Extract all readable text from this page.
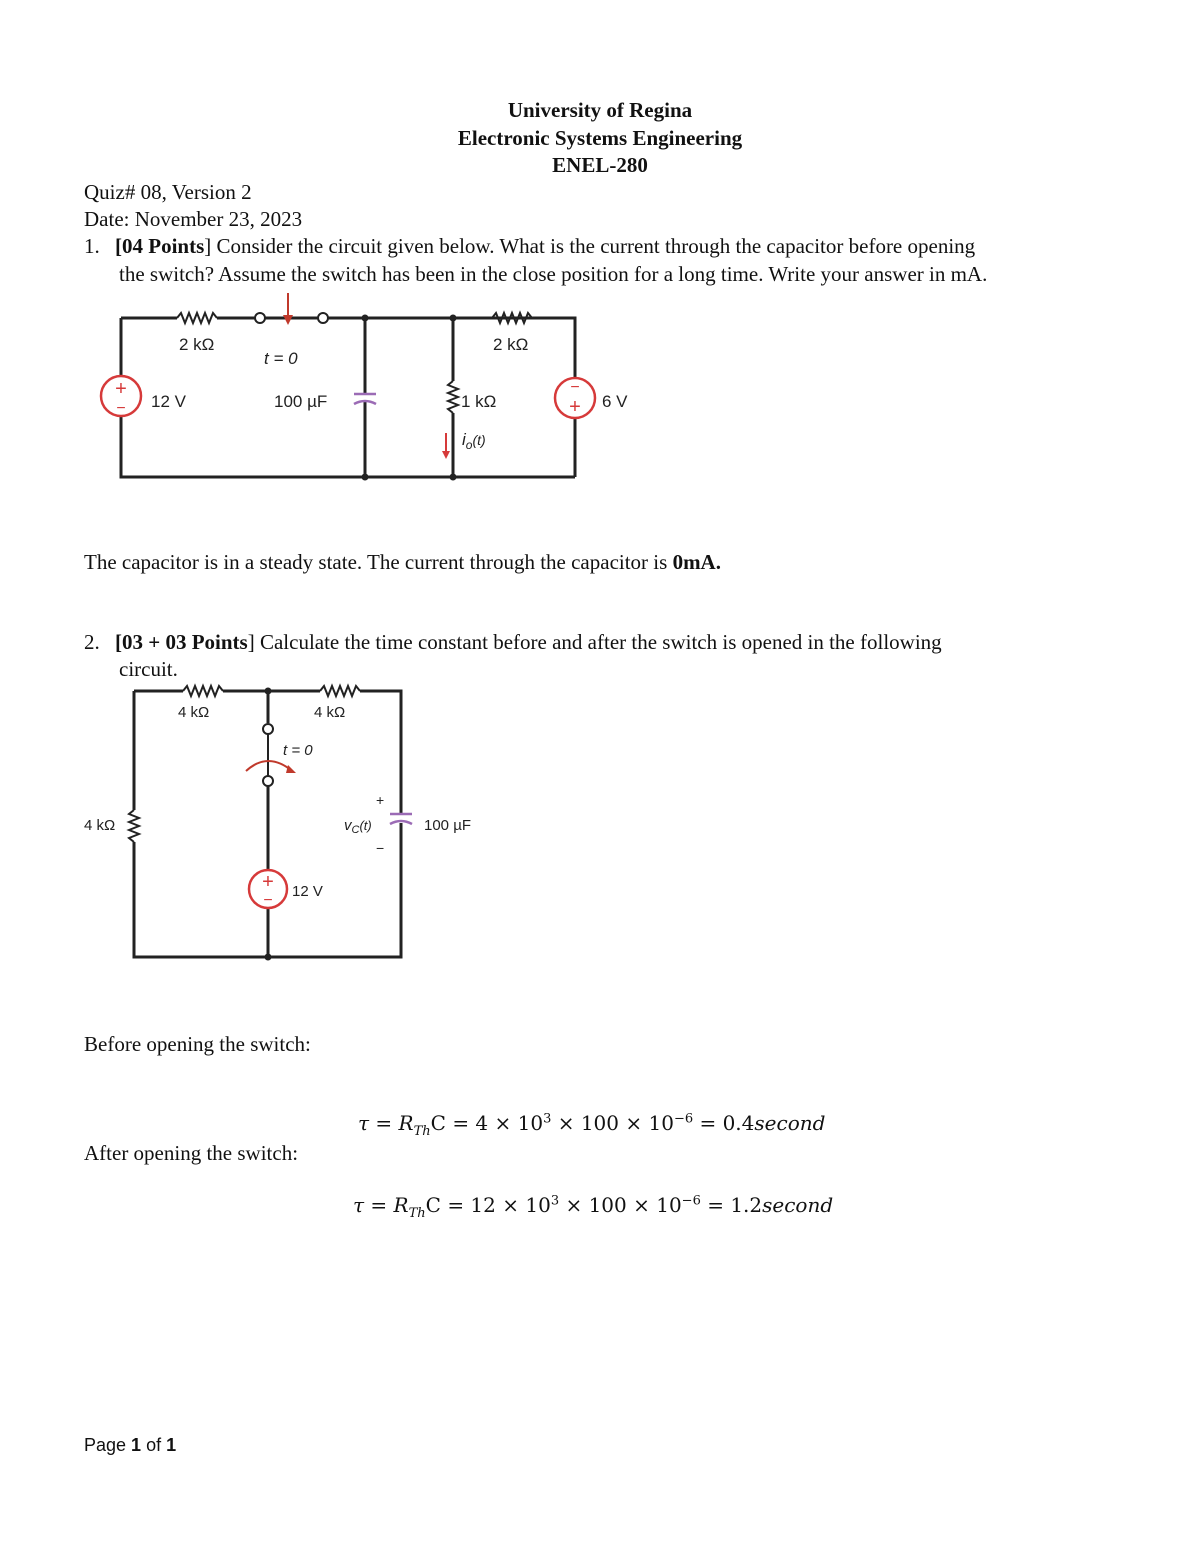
University of Regina
Electronic Systems Engineering
ENEL-280
Quiz# 08, Version 2
Date: November 23, 2023
1. [04 Points] Consider the circuit given below. What is the current through the capacitor before opening
the switch? Assume the switch has been in the close position for a long time. Write your answer in mA.
+
−
−
+
2 kΩ
t = 0
12 V	100 µF	1 kΩ
2 kΩ
6 V
$i_o^{(t)}$
The capacitor is in a steady state. The current through the capacitor is 0mA.
2. [03 + 03 Points] Calculate the time constant before and after the switch is opened in the following
circuit.
+
−
4 kΩ	4 kΩ
4 kΩ
t = 0
12 V
100 µF
+
−
$v_C(t)$
Before opening the switch:
$\tau = R_{Th}C = 4 \times 10^3 \times 100 \times 10^{-6}$ = 0.4second
After opening the switch:
$\tau = R_{Th}C = 12 \times 10^3 \times 100 \times 10^{-6}$ = 1.2second
Page 1 of 1
